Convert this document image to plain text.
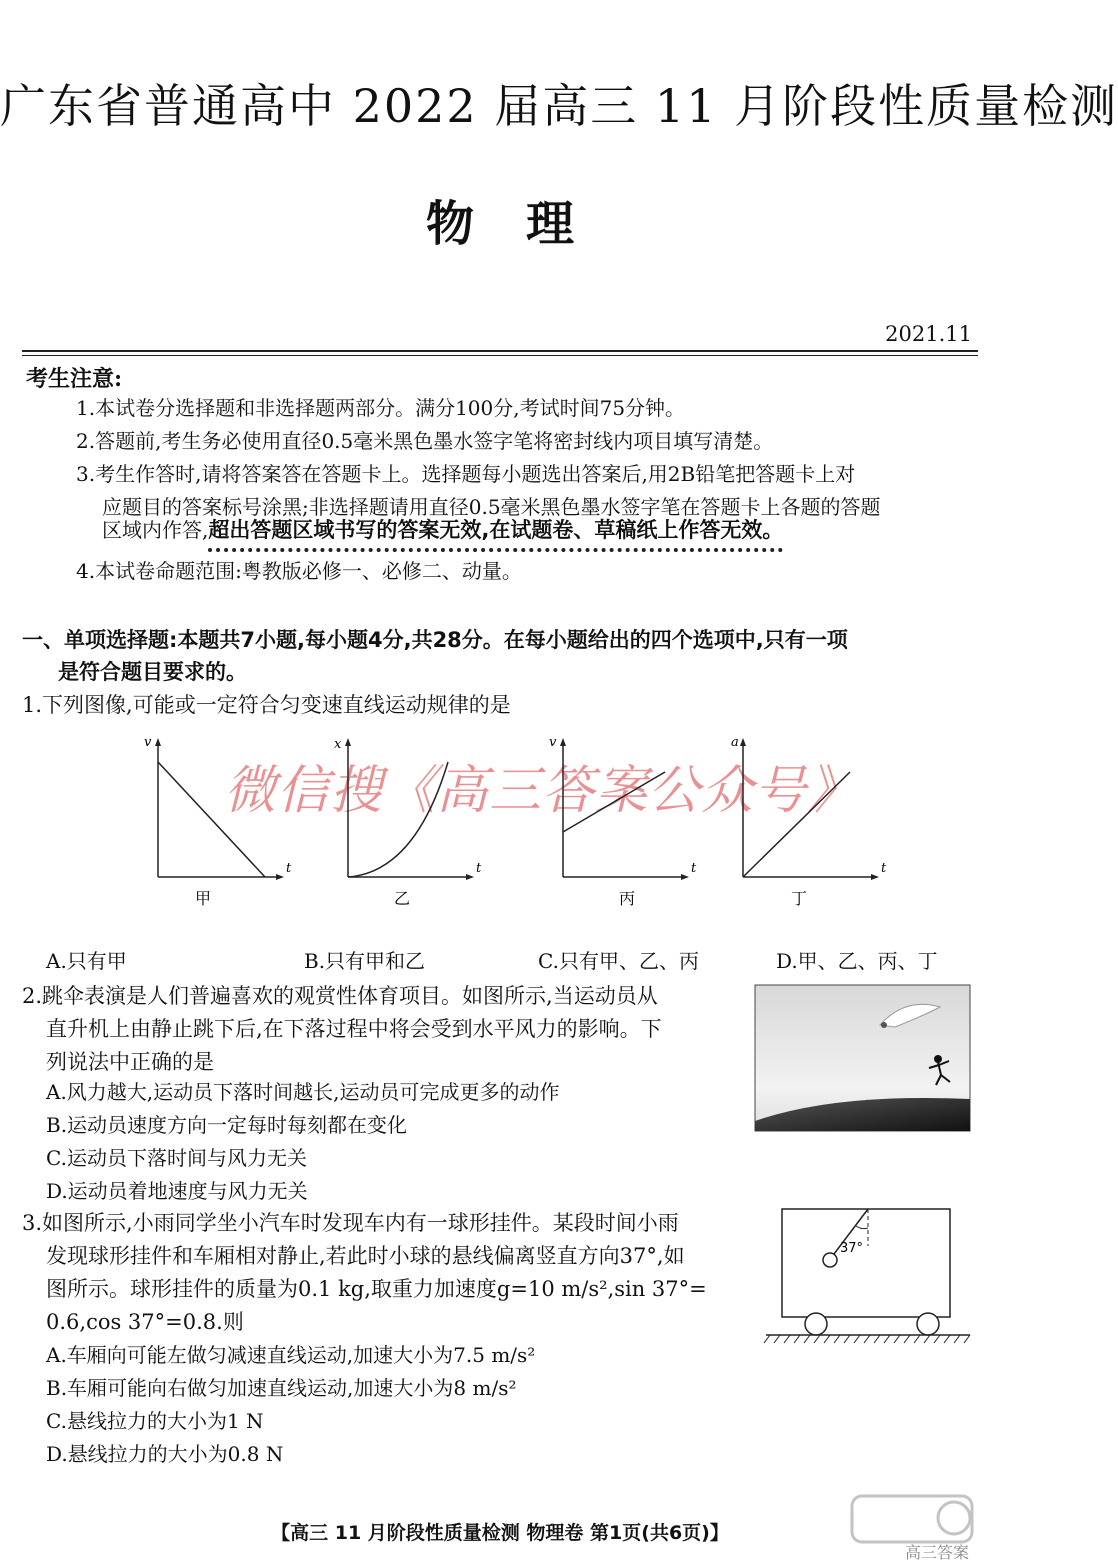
广东省普通高中 2022 届高三 11 月阶段性质量检测
物理
2021.11
考生注意:
1.本试卷分选择题和非选择题两部分。满分100分,考试时间75分钟。
2.答题前,考生务必使用直径0.5毫米黑色墨水签字笔将密封线内项目填写清楚。
3.考生作答时,请将答案答在答题卡上。选择题每小题选出答案后,用2B铅笔把答题卡上对
应题目的答案标号涂黑;非选择题请用直径0.5毫米黑色墨水签字笔在答题卡上各题的答题
区域内作答,超出答题区域书写的答案无效,在试题卷、草稿纸上作答无效。
4.本试卷命题范围:粤教版必修一、必修二、动量。
一、单项选择题:本题共7小题,每小题4分,共28分。在每小题给出的四个选项中,只有一项
是符合题目要求的。
1.下列图像,可能或一定符合匀变速直线运动规律的是
微信搜《高三答案公众号》
v
t
甲
x
t
乙
v
t
丙
a
t
丁
A.只有甲	B.只有甲和乙	C.只有甲、乙、丙	D.甲、乙、丙、丁
2.跳伞表演是人们普遍喜欢的观赏性体育项目。如图所示,当运动员从
直升机上由静止跳下后,在下落过程中将会受到水平风力的影响。下
列说法中正确的是
A.风力越大,运动员下落时间越长,运动员可完成更多的动作
B.运动员速度方向一定每时每刻都在变化
C.运动员下落时间与风力无关
D.运动员着地速度与风力无关
3.如图所示,小雨同学坐小汽车时发现车内有一球形挂件。某段时间小雨
发现球形挂件和车厢相对静止,若此时小球的悬线偏离竖直方向37°,如
图所示。球形挂件的质量为0.1 kg,取重力加速度g=10 m/s²,sin 37°=
0.6,cos 37°=0.8.则
A.车厢向可能左做匀减速直线运动,加速大小为7.5 m/s²
B.车厢可能向右做匀加速直线运动,加速大小为8 m/s²
C.悬线拉力的大小为1 N
D.悬线拉力的大小为0.8 N
37°
【高三 11 月阶段性质量检测 物理卷 第1页(共6页)】
高三答案
